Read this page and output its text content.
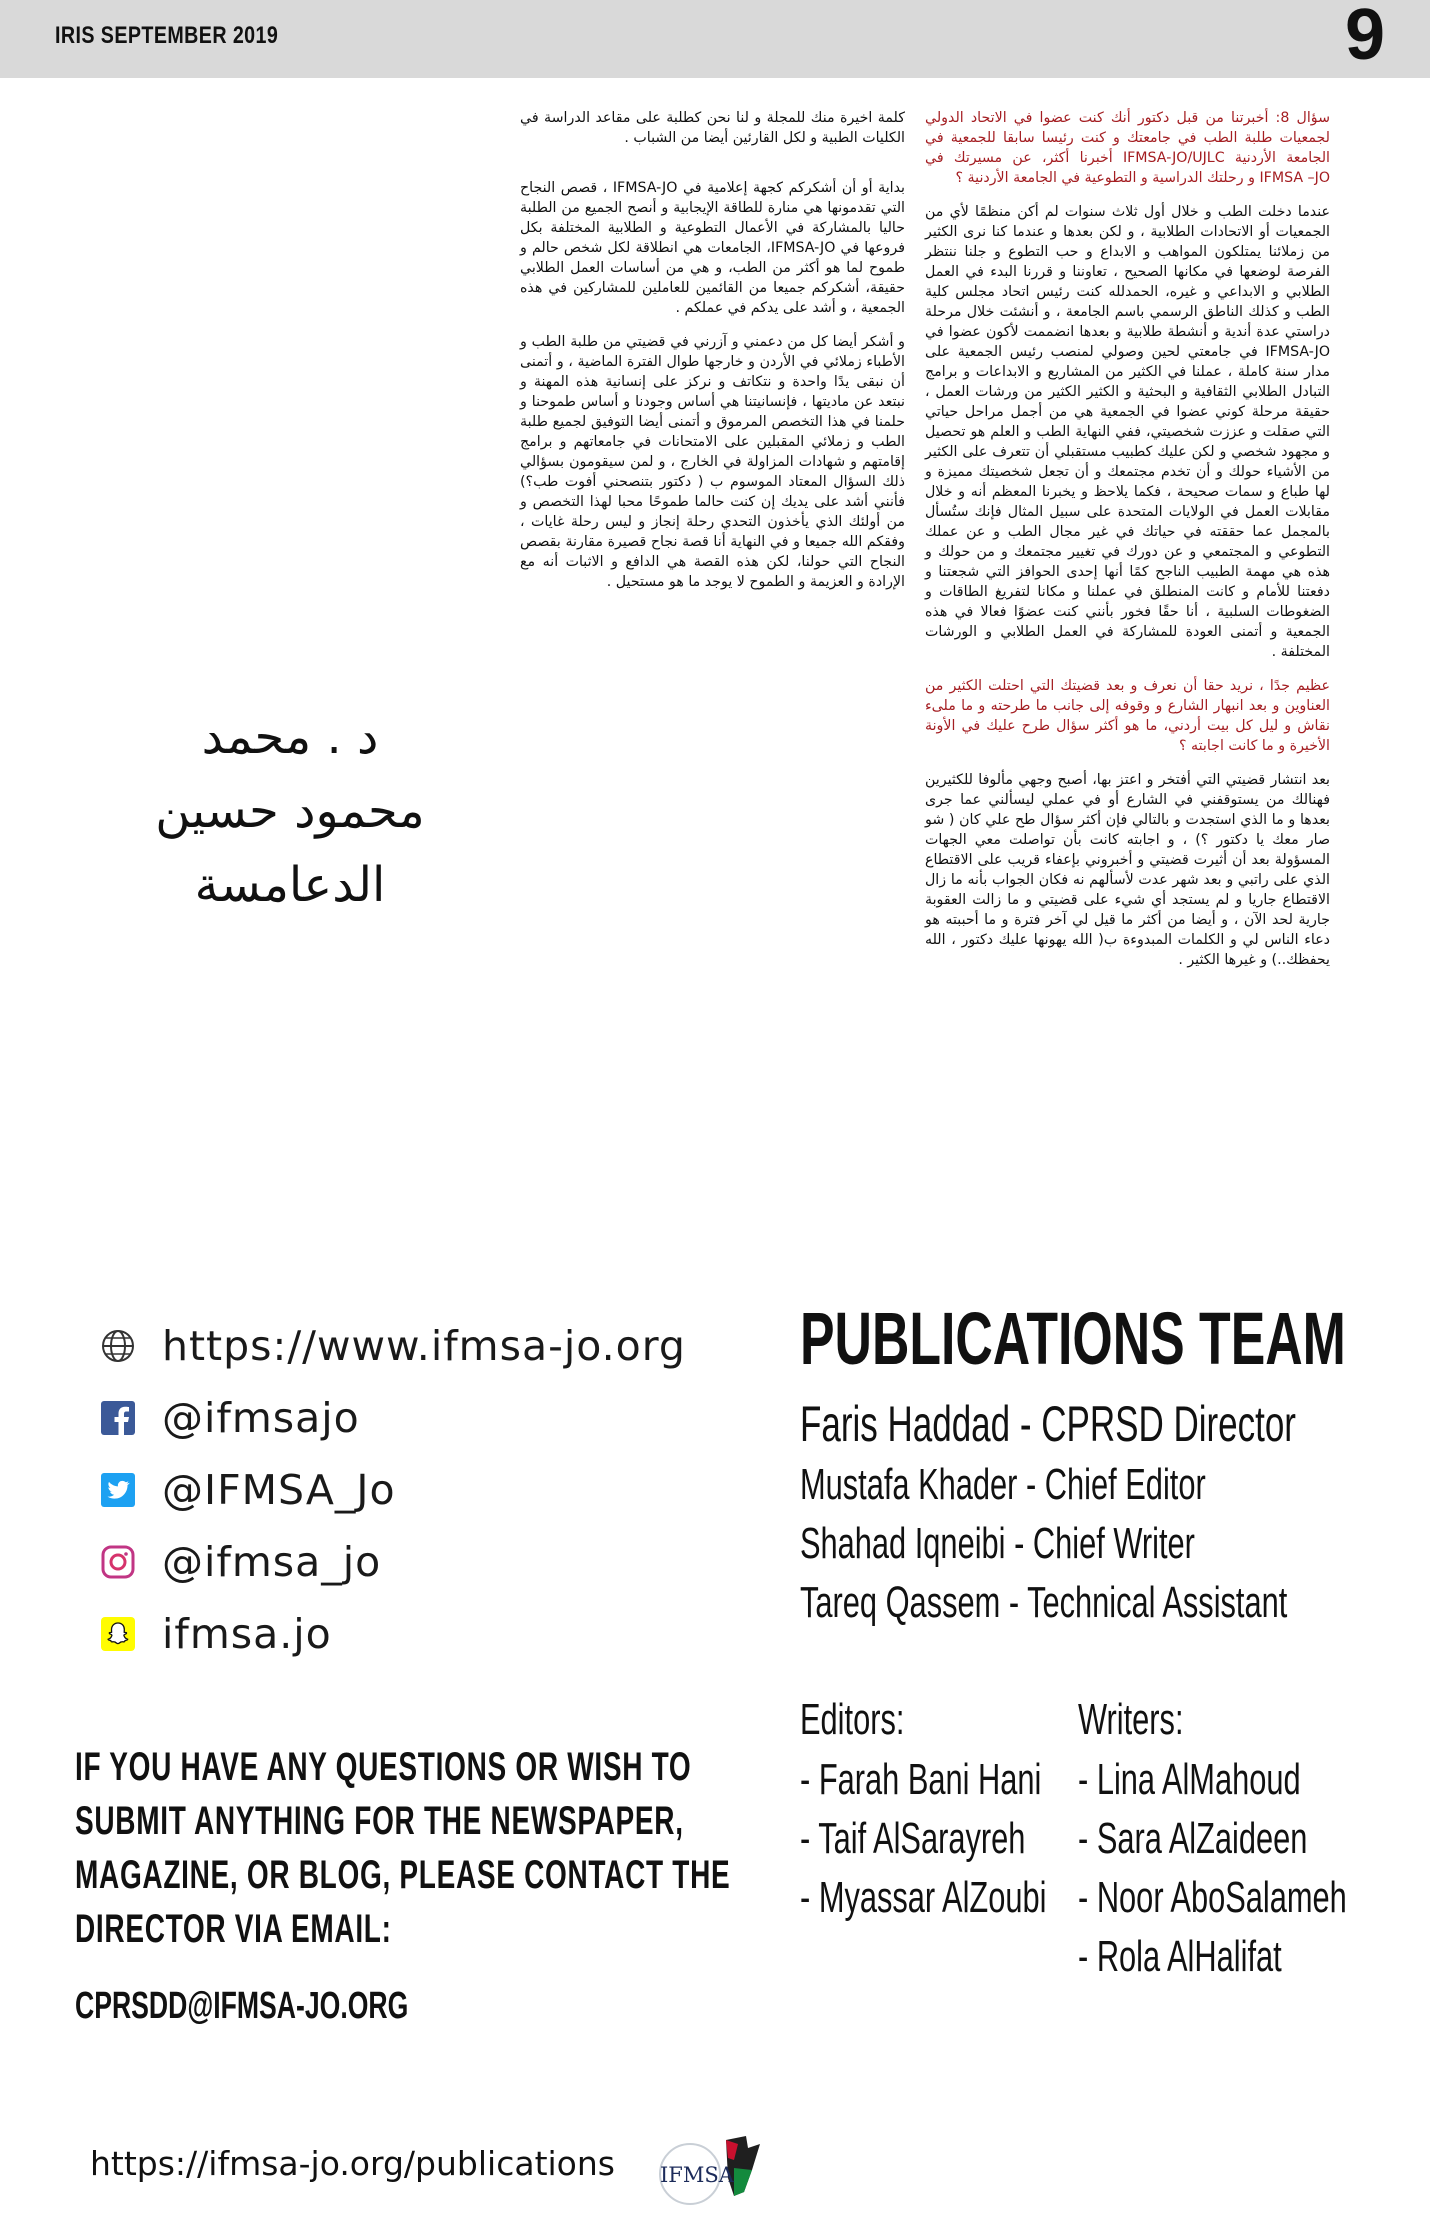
IRIS SEPTEMBER 2019	9

سؤال 8: أخبرتنا من قبل دكتور أنك كنت عضوا في الاتحاد الدولي لجمعيات طلبة الطب في جامعتك و كنت رئيسا سابقا للجمعية في الجامعة الأردنية IFMSA-JO/UJLC أخبرنا أكثر، عن مسيرتك في IFMSA –JO و رحلتك الدراسية و التطوعية في الجامعة الأردنية ؟

عندما دخلت الطب و خلال أول ثلاث سنوات لم أكن منظمًا لأي من الجمعيات أو الاتحادات الطلابية ، و لكن بعدها و عندما كنا نرى الكثير من زملائنا يمتلكون المواهب و الابداع و حب التطوع و جلنا ننتظر الفرصة لوضعها في مكانها الصحيح ، تعاوننا و قررنا البدء في العمل الطلابي و الابداعي و غيره، الحمدلله كنت رئيس اتحاد مجلس كلية الطب و كذلك الناطق الرسمي باسم الجامعة ، و أنشئت خلال مرحلة دراستي عدة أندية و أنشطة طلابية و بعدها انضممت لأكون عضوا في IFMSA-JO في جامعتي لحين وصولي لمنصب رئيس الجمعية على مدار سنة كاملة ، عملنا في الكثير من المشاريع و الابداعات و برامج التبادل الطلابي الثقافية و البحثية و الكثير الكثير من ورشات العمل ، حقيقة مرحلة كوني عضوا في الجمعية هي من أجمل مراحل حياتي التي صقلت و عززت شخصيتي، ففي النهاية الطب و العلم هو تحصيل و مجهود شخصي و لكن عليك كطبيب مستقبلي أن تتعرف على الكثير من الأشياء حولك و أن تخدم مجتمعك و أن تجعل شخصيتك مميزة و لها طباع و سمات صحيحة ، فكما يلاحظ و يخبرنا المعظم أنه و خلال مقابلات العمل في الولايات المتحدة على سبيل المثال فإنك ستُسأل بالمجمل عما حققته في حياتك في غير مجال الطب و عن عملك التطوعي و المجتمعي و عن دورك في تغيير مجتمعك و من حولك و هذه هي مهمة الطبيب الناجح كمًا أنها إحدى الحوافز التي شجعتنا و دفعتنا للأمام و كانت المنطلق في عملنا و مكانا لتفريغ الطاقات و الضغوطات السلبية ، أنا حقًا فخور بأنني كنت عضوًا فعالا في هذه الجمعية و أتمنى العودة للمشاركة في العمل الطلابي و الورشات المختلفة .

عظيم جدًا ، نريد حقا أن نعرف و بعد قضيتك التي احتلت الكثير من العناوين و بعد انبهار الشارع و وقوفه إلى جانب ما طرحته و ما ملىء نقاش و ليل كل بيت أردني، ما هو أكثر سؤال طرح عليك في الأونة الأخيرة و ما كانت اجابته ؟

بعد انتشار قضيتي التي أفتخر و اعتز بها، أصبح وجهي مألوفا للكثيرين فهنالك من يستوقفني في الشارع أو في عملي ليسألني عما جرى بعدها و ما الذي استجدت و بالتالي فإن أكثر سؤال طح علي كان ( شو صار معك يا دكتور ؟) ، و اجابته كانت بأن تواصلت معي الجهات المسؤولة بعد أن أثيرت قضيتي و أخبروني بإعفاء قريب على الاقتطاع الذي على راتبي و بعد شهر عدت لأسألهم نه فكان الجواب بأنه ما زال الاقتطاع جاريا و لم يستجد أي شيء على قضيتي و ما زالت العقوبة جارية لحد الآن ، و أيضا من أكثر ما قيل لي آخر فترة و ما أحببته هو دعاء الناس لي و الكلمات المبدوءة ب( الله يهونها عليك دكتور ، الله يحفظك..) و غيرها الكثير .

كلمة اخيرة منك للمجلة و لنا نحن كطلبة على مقاعد الدراسة في الكليات الطبية و لكل القارئين أيضا من الشباب .

بداية أو أن أشكركم كجهة إعلامية في IFMSA-JO ، قصص النجاح التي تقدمونها هي منارة للطاقة الإيجابية و أنصح الجميع من الطلبة حاليا بالمشاركة في الأعمال التطوعية و الطلابية المختلفة بكل فروعها في IFMSA-JO، الجامعات هي انطلاقة لكل شخص حالم و طموح لما هو أكثر من الطب، و هي من أساسات العمل الطلابي حقيقة، أشكركم جميعا من القائمين للعاملين للمشاركين في هذه الجمعية ، و أشد على يدكم في عملكم .

و أشكر أيضا كل من دعمني و آزرني في قضيتي من طلبة الطب و الأطباء زملائي في الأردن و خارجها طوال الفترة الماضية ، و أتمنى أن نبقى يدًا واحدة و نتكاتف و نركز على إنسانية هذه المهنة و نبتعد عن ماديتها ، فإنسانيتنا هي أساس وجودنا و أساس طموحنا و حلمنا في هذا التخصص المرموق و أتمنى أيضا التوفيق لجميع طلبة الطب و زملائي المقبلين على الامتحانات في جامعاتهم و برامج إقامتهم و شهادات المزاولة في الخارج ، و لمن سيقومون بسؤالي ذلك السؤال المعتاد الموسوم ب ( دكتور بتنصحني أفوت طب؟) فأنني أشد على يديك إن كنت حالما طموحًا محبا لهذا التخصص و من أولئك الذي يأخذون التحدي رحلة إنجاز و ليس رحلة غايات ، وفقكم الله جميعا و في النهاية أنا قصة نجاح قصيرة مقارنة بقصص النجاح التي حولنا، لكن هذه القصة هي الدافع و الاثبات أنه مع الإرادة و العزيمة و الطموح لا يوجد ما هو مستحيل .

د . محمد
محمود حسين
الدعامسة
https://www.ifmsa-jo.org
@ifmsajo
@IFMSA_Jo
@ifmsa_jo
ifmsa.jo
IF YOU HAVE ANY QUESTIONS OR WISH TO
SUBMIT ANYTHING FOR THE NEWSPAPER,
MAGAZINE, OR BLOG, PLEASE CONTACT THE
DIRECTOR VIA EMAIL:
CPRSDD@IFMSA-JO.ORG
PUBLICATIONS TEAM
Faris Haddad - CPRSD Director
Mustafa Khader - Chief Editor
Shahad Iqneibi - Chief Writer
Tareq Qassem - Technical Assistant
Editors:
- Farah Bani Hani
- Taif AlSarayreh
- Myassar AlZoubi
Writers:
- Lina AlMahoud
- Sara AlZaideen
- Noor AboSalameh
- Rola AlHalifat
https://ifmsa-jo.org/publications IFMSA
